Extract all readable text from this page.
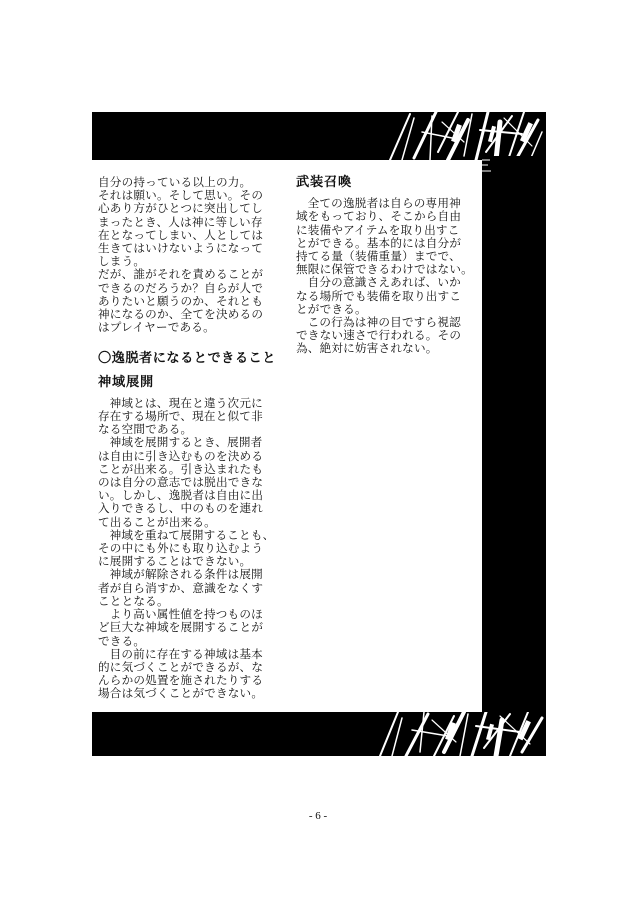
自分の持っている以上の力。
それは願い。そして思い。その
心あり方がひとつに突出してし
まったとき、人は神に等しい存
在となってしまい、人としては
生きてはいけないようになって
しまう。

だが、誰がそれを責めることが
できるのだろうか？自らが人で
ありたいと願うのか、それとも
神になるのか、全てを決めるの
はプレイヤーである。

〇逸脱者になるとできること
神域展開

神域とは、現在と違う次元に
存在する場所で、現在と似て非
なる空間である。

神域を展開するとき、展開者
は自由に引き込むものを決める
ことが出来る。引き込まれたも
のは自分の意志では脱出できな
い。しかし、逸脱者は自由に出
入りできるし、中のものを連れ
て出ることが出来る。

神域を重ねて展開することも、
その中にも外にも取り込むよう
に展開することはできない。

神域が解除される条件は展開
者が自ら消すか、意識をなくす
こととなる。

より高い属性値を持つものほ
ど巨大な神域を展開することが
できる。

目の前に存在する神域は基本
的に気づくことができるが、な
んらかの処置を施されたりする
場合は気づくことができない。

武装召喚

全ての逸脱者は自らの専用神
域をもっており、そこから自由
に装備やアイテムを取り出すこ
とができる。基本的には自分が
持てる量（装備重量）までで、
無限に保管できるわけではない。

自分の意識さえあれば、いか
なる場所でも装備を取り出すこ
とができる。

この行為は神の目ですら視認
できない速さで行われる。その
為、絶対に妨害されない。

- 6 -
